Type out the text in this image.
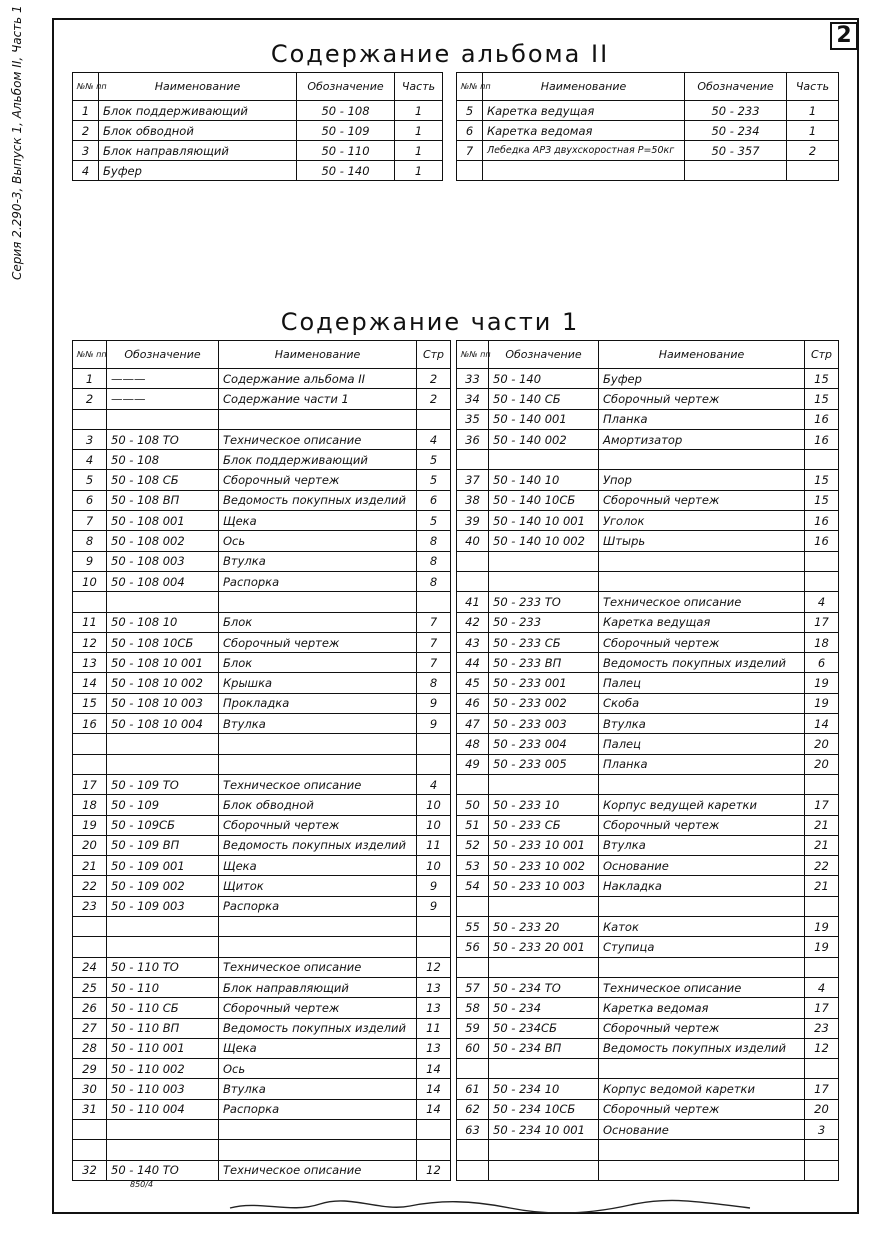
2
Серия 2.290-3, Выпуск 1, Альбом II, Часть 1	Содержание альбома II
№№ пп	Наименование	Обозначение	Часть
1	Блок поддерживающий	50 - 108	1
2	Блок обводной	50 - 109	1
3	Блок направляющий	50 - 110	1
4	Буфер	50 - 140	1
№№ пп	Наименование	Обозначение	Часть
5	Каретка ведущая	50 - 233	1
6	Каретка ведомая	50 - 234	1
7	Лебедка АРЗ двухскоростная Р=50кг	50 - 357	2

Содержание части 1
№№ пп	Обозначение	Наименование	Стр
1	———	Содержание альбома II	2
2	———	Содержание части 1	2

3	50 - 108 ТО	Техническое описание	4
4	50 - 108	Блок поддерживающий	5
5	50 - 108 СБ	Сборочный чертеж	5
6	50 - 108 ВП	Ведомость покупных изделий	6
7	50 - 108 001	Щека	5
8	50 - 108 002	Ось	8
9	50 - 108 003	Втулка	8
10	50 - 108 004	Распорка	8

11	50 - 108 10	Блок	7
12	50 - 108 10СБ	Сборочный чертеж	7
13	50 - 108 10 001	Блок	7
14	50 - 108 10 002	Крышка	8
15	50 - 108 10 003	Прокладка	9
16	50 - 108 10 004	Втулка	9

17	50 - 109 ТО	Техническое описание	4
18	50 - 109	Блок обводной	10
19	50 - 109СБ	Сборочный чертеж	10
20	50 - 109 ВП	Ведомость покупных изделий	11
21	50 - 109 001	Щека	10
22	50 - 109 002	Щиток	9
23	50 - 109 003	Распорка	9

24	50 - 110 ТО	Техническое описание	12
25	50 - 110	Блок направляющий	13
26	50 - 110 СБ	Сборочный чертеж	13
27	50 - 110 ВП	Ведомость покупных изделий	11
28	50 - 110 001	Щека	13
29	50 - 110 002	Ось	14
30	50 - 110 003	Втулка	14
31	50 - 110 004	Распорка	14

32	50 - 140 ТО	Техническое описание	12
№№ пп	Обозначение	Наименование	Стр
33	50 - 140	Буфер	15
34	50 - 140 СБ	Сборочный чертеж	15
35	50 - 140 001	Планка	16
36	50 - 140 002	Амортизатор	16

37	50 - 140 10	Упор	15
38	50 - 140 10СБ	Сборочный чертеж	15
39	50 - 140 10 001	Уголок	16
40	50 - 140 10 002	Штырь	16

41	50 - 233 ТО	Техническое описание	4
42	50 - 233	Каретка ведущая	17
43	50 - 233 СБ	Сборочный чертеж	18
44	50 - 233 ВП	Ведомость покупных изделий	6
45	50 - 233 001	Палец	19
46	50 - 233 002	Скоба	19
47	50 - 233 003	Втулка	14
48	50 - 233 004	Палец	20
49	50 - 233 005	Планка	20

50	50 - 233 10	Корпус ведущей каретки	17
51	50 - 233 СБ	Сборочный чертеж	21
52	50 - 233 10 001	Втулка	21
53	50 - 233 10 002	Основание	22
54	50 - 233 10 003	Накладка	21

55	50 - 233 20	Каток	19
56	50 - 233 20 001	Ступица	19

57	50 - 234 ТО	Техническое описание	4
58	50 - 234	Каретка ведомая	17
59	50 - 234СБ	Сборочный чертеж	23
60	50 - 234 ВП	Ведомость покупных изделий	12

61	50 - 234 10	Корпус ведомой каретки	17
62	50 - 234 10СБ	Сборочный чертеж	20
63	50 - 234 10 001	Основание	3

850/4
